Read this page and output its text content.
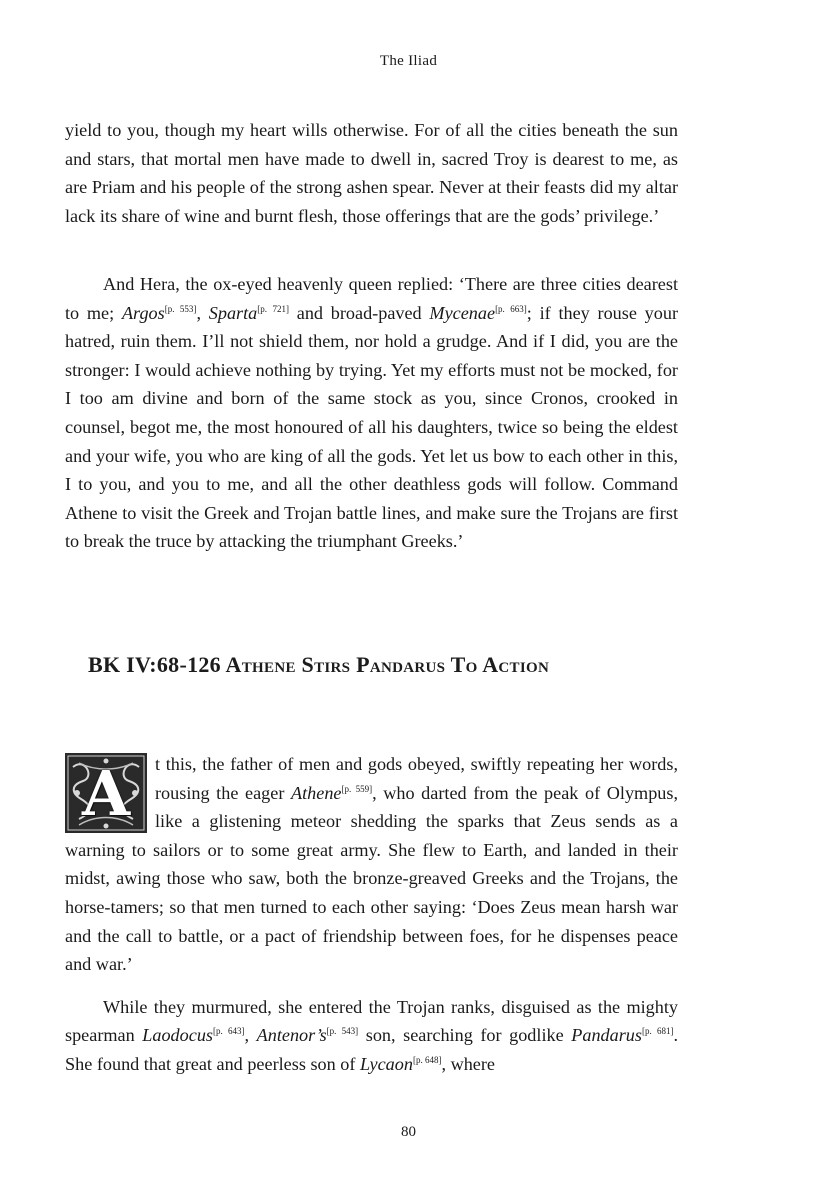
The Iliad

yield to you, though my heart wills otherwise. For of all the cities beneath the sun and stars, that mortal men have made to dwell in, sacred Troy is dearest to me, as are Priam and his people of the strong ashen spear. Never at their feasts did my altar lack its share of wine and burnt flesh, those offerings that are the gods’ privilege.’

And Hera, the ox-eyed heavenly queen replied: ‘There are three cities dearest to me; Argos[p. 553], Sparta[p. 721] and broad-paved Mycenae[p. 663]; if they rouse your hatred, ruin them. I’ll not shield them, nor hold a grudge. And if I did, you are the stronger: I would achieve nothing by trying. Yet my efforts must not be mocked, for I too am divine and born of the same stock as you, since Cronos, crooked in counsel, begot me, the most honoured of all his daughters, twice so being the eldest and your wife, you who are king of all the gods. Yet let us bow to each other in this, I to you, and you to me, and all the other deathless gods will follow. Command Athene to visit the Greek and Trojan battle lines, and make sure the Trojans are first to break the truce by attacking the triumphant Greeks.’

BK IV:68-126 Athene Stirs Pandarus To Action

A	t this, the father of men and gods obeyed, swiftly repeating her words, rousing the eager Athene[p. 559], who darted from the peak of Olympus, like a glistening meteor shedding the sparks that Zeus sends as a warning to sailors or to some great army. She flew to Earth, and landed in their midst, awing those who saw, both the bronze-greaved Greeks and the Trojans, the horse-tamers; so that men turned to each other saying: ‘Does Zeus mean harsh war and the call to battle, or a pact of friendship between foes, for he dispenses peace and war.’

While they murmured, she entered the Trojan ranks, disguised as the mighty spearman Laodocus[p. 643], Antenor’s[p. 543] son, searching for godlike Pandarus[p. 681]. She found that great and peerless son of Lycaon[p. 648], where

80
